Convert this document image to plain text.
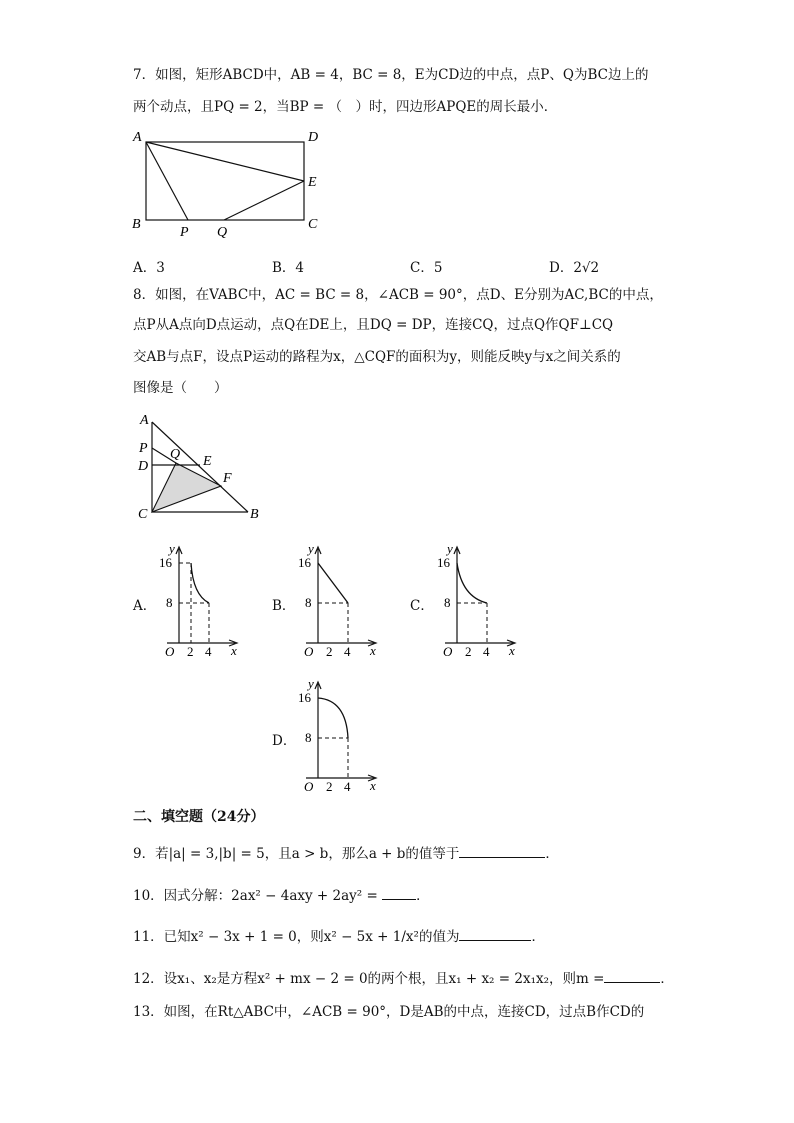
7．如图，矩形ABCD中，AB = 4，BC = 8，E为CD边的中点，点P、Q为BC边上的
两个动点，且PQ = 2，当BP = （　）时，四边形APQE的周长最小．
A	D
E
B	C
P Q
A．3	B．4	C．5	D．2√2
8．如图，在VABC中，AC = BC = 8，∠ACB = 90°，点D、E分别为AC,BC的中点，
点P从A点向D点运动，点Q在DE上，且DQ = DP，连接CQ，过点Q作QF⊥CQ
交AB与点F，设点P运动的路程为x，△CQF的面积为y，则能反映y与x之间关系的
图像是（　　）
A
P Q
D	E
F
C	B
A．	B．	C．
D．
y
16
8
O 2 4 x
y
16
8
O 2 4 x
y
16
8
O 2 4 x
y
16
8
O 2 4 x
二、填空题（24分）
9．若|a| = 3,|b| = 5，且a > b，那么a + b的值等于	．
10．因式分解：2ax² − 4axy + 2ay² =	．
11．已知x² − 3x + 1 = 0，则x² − 5x + 1/x²的值为	．
12．设x₁、x₂是方程x² + mx − 2 = 0的两个根，且x₁ + x₂ = 2x₁x₂，则m =	．
13．如图，在Rt△ABC中，∠ACB = 90°，D是AB的中点，连接CD，过点B作CD的
